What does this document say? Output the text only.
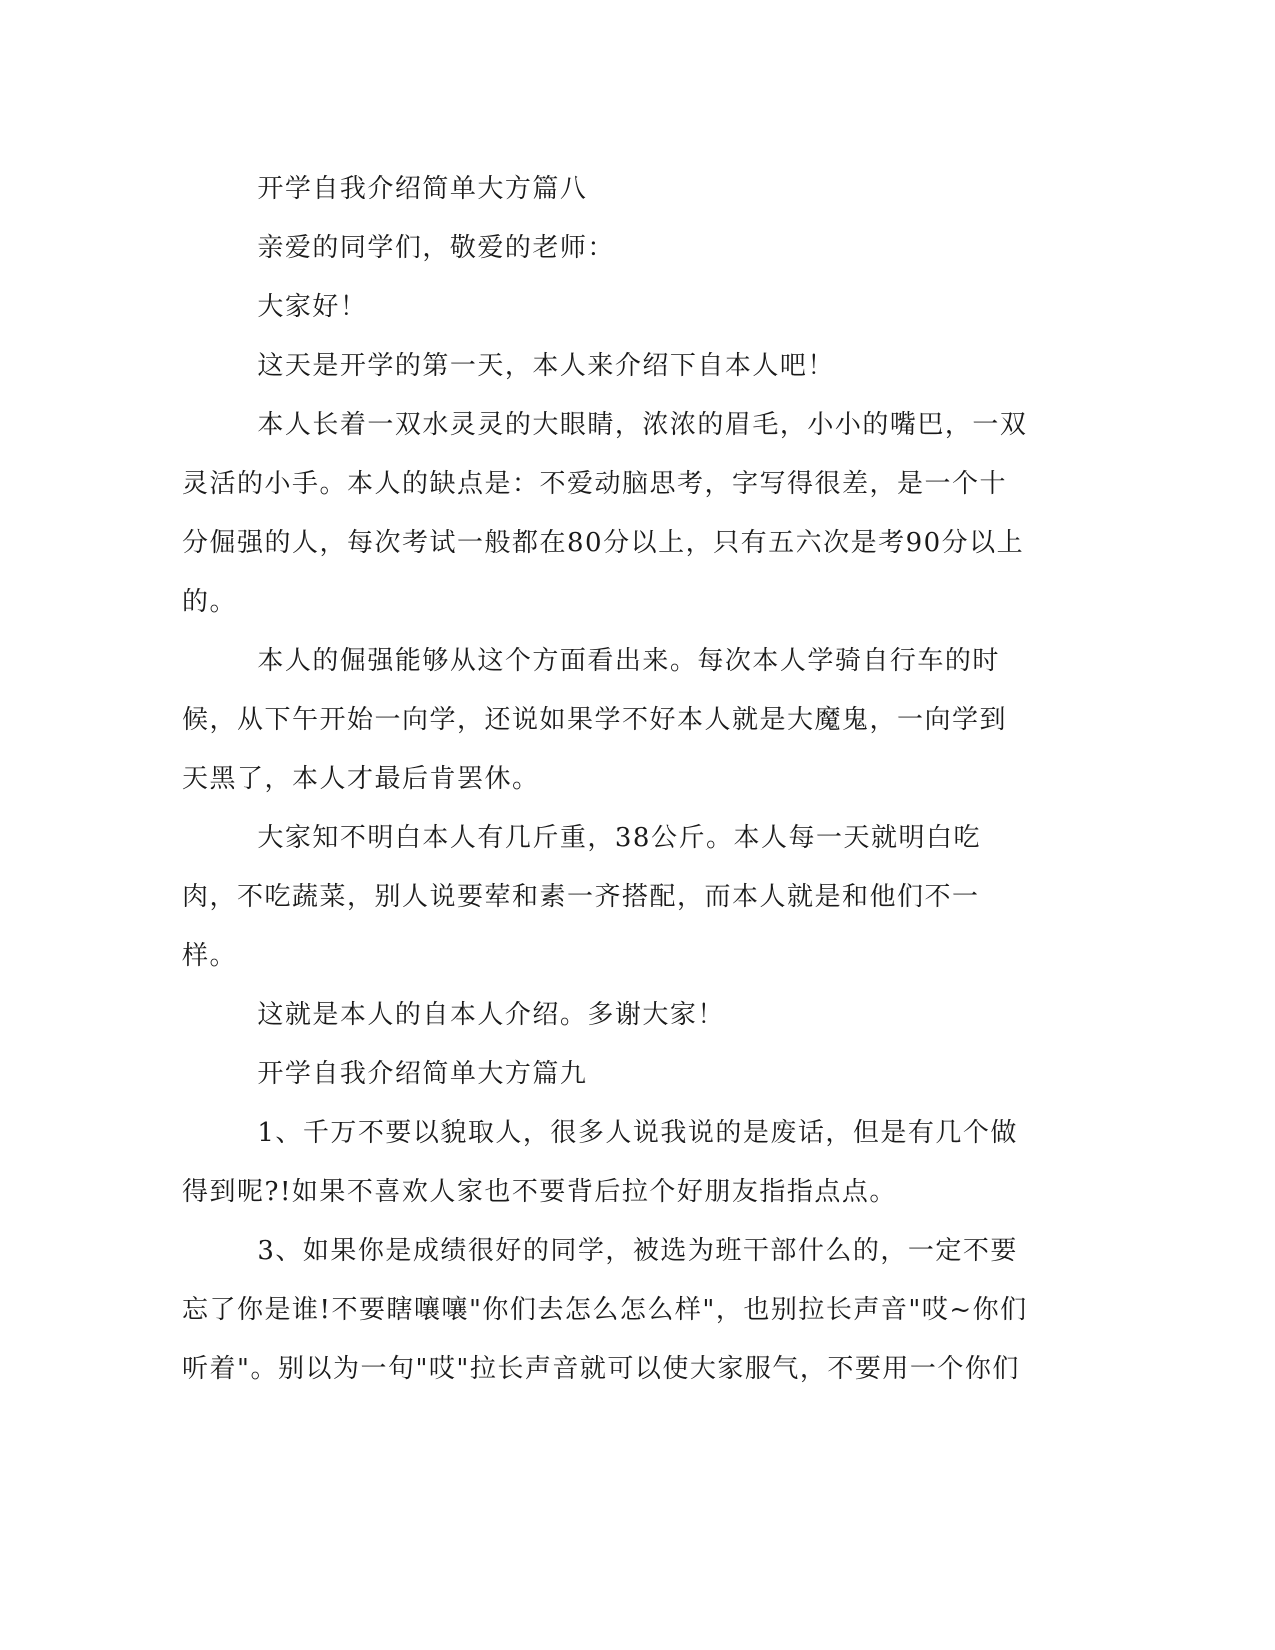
开学自我介绍简单大方篇八

亲爱的同学们，敬爱的老师：

大家好！

这天是开学的第一天，本人来介绍下自本人吧！

本人长着一双水灵灵的大眼睛，浓浓的眉毛，小小的嘴巴，一双灵活的小手。本人的缺点是：不爱动脑思考，字写得很差，是一个十分倔强的人，每次考试一般都在80分以上，只有五六次是考90分以上的。

本人的倔强能够从这个方面看出来。每次本人学骑自行车的时候，从下午开始一向学，还说如果学不好本人就是大魔鬼，一向学到天黑了，本人才最后肯罢休。

大家知不明白本人有几斤重，38公斤。本人每一天就明白吃肉，不吃蔬菜，别人说要荤和素一齐搭配，而本人就是和他们不一样。

这就是本人的自本人介绍。多谢大家！

开学自我介绍简单大方篇九

1、千万不要以貌取人，很多人说我说的是废话，但是有几个做得到呢?!如果不喜欢人家也不要背后拉个好朋友指指点点。

3、如果你是成绩很好的同学，被选为班干部什么的，一定不要忘了你是谁!不要瞎嚷嚷"你们去怎么怎么样"，也别拉长声音"哎~你们听着"。别以为一句"哎"拉长声音就可以使大家服气，不要用一个你们
